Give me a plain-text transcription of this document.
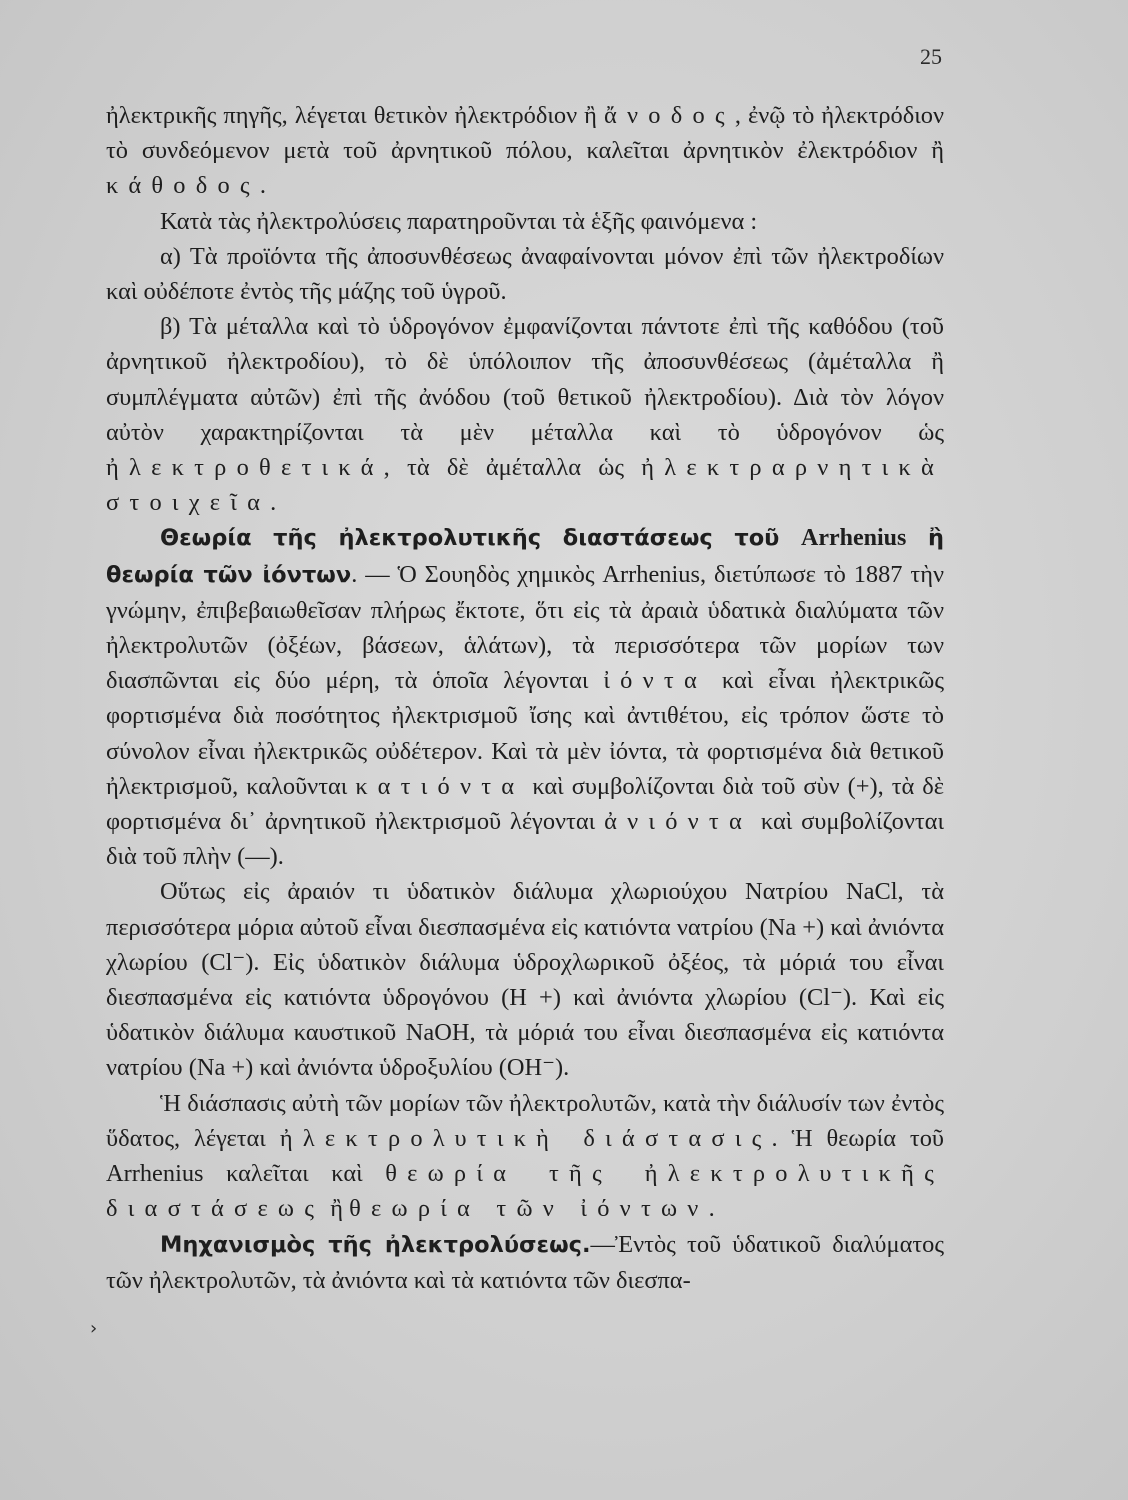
25

ἠλεκτρικῆς πηγῆς, λέγεται θετικὸν ἠλεκτρόδιον ἢ ἄνοδος, ἐνῷ τὸ ἠλεκτρόδιον τὸ συνδεόμενον μετὰ τοῦ ἀρνητικοῦ πόλου, καλεῖται ἀρνητικὸν ἐλεκτρόδιον ἢ κάθοδος.

Κατὰ τὰς ἠλεκτρολύσεις παρατηροῦνται τὰ ἑξῆς φαινόμενα :

α) Τὰ προϊόντα τῆς ἀποσυνθέσεως ἀναφαίνονται μόνον ἐπὶ τῶν ἠλεκτροδίων καὶ οὐδέποτε ἐντὸς τῆς μάζης τοῦ ὑγροῦ.

β) Τὰ μέταλλα καὶ τὸ ὑδρογόνον ἐμφανίζονται πάντοτε ἐπὶ τῆς καθόδου (τοῦ ἀρνητικοῦ ἠλεκτροδίου), τὸ δὲ ὑπόλοιπον τῆς ἀποσυνθέσεως (ἀμέταλλα ἢ συμπλέγματα αὐτῶν) ἐπὶ τῆς ἀνόδου (τοῦ θετικοῦ ἠλεκτροδίου). Διὰ τὸν λόγον αὐτὸν χαρακτηρίζονται τὰ μὲν μέταλλα καὶ τὸ ὑδρογόνον ὡς ἠλεκτροθετικά, τὰ δὲ ἀμέταλλα ὡς ἠλεκτραρνητικὰ στοιχεῖα.

Θεωρία τῆς ἠλεκτρολυτικῆς διαστάσεως τοῦ Arrhenius ἢ θεωρία τῶν ἰόντων. — Ὁ Σουηδὸς χημικὸς Arrhenius, διετύπωσε τὸ 1887 τὴν γνώμην, ἐπιβεβαιωθεῖσαν πλήρως ἔκτοτε, ὅτι εἰς τὰ ἀραιὰ ὑδατικὰ διαλύματα τῶν ἠλεκτρολυτῶν (ὀξέων, βάσεων, ἁλάτων), τὰ περισσότερα τῶν μορίων των διασπῶνται εἰς δύο μέρη, τὰ ὁποῖα λέγονται ἰόντα καὶ εἶναι ἠλεκτρικῶς φορτισμένα διὰ ποσότητος ἠλεκτρισμοῦ ἴσης καὶ ἀντιθέτου, εἰς τρόπον ὥστε τὸ σύνολον εἶναι ἠλεκτρικῶς οὐδέτερον. Καὶ τὰ μὲν ἰόντα, τὰ φορτισμένα διὰ θετικοῦ ἠλεκτρισμοῦ, καλοῦνται κατιόντα καὶ συμβολίζονται διὰ τοῦ σὺν (+), τὰ δὲ φορτισμένα δι᾽ ἀρνητικοῦ ἠλεκτρισμοῦ λέγονται ἀνιόντα καὶ συμβολίζονται διὰ τοῦ πλὴν (—).

Οὕτως εἰς ἀραιόν τι ὑδατικὸν διάλυμα χλωριούχου Νατρίου NaCl, τὰ περισσότερα μόρια αὐτοῦ εἶναι διεσπασμένα εἰς κατιόντα νατρίου (Na +) καὶ ἀνιόντα χλωρίου (Cl⁻). Εἰς ὑδατικὸν διάλυμα ὑδροχλωρικοῦ ὀξέος, τὰ μόριά του εἶναι διεσπασμένα εἰς κατιόντα ὑδρογόνου (H +) καὶ ἀνιόντα χλωρίου (Cl⁻). Καὶ εἰς ὑδατικὸν διάλυμα καυστικοῦ NaOH, τὰ μόριά του εἶναι διεσπασμένα εἰς κατιόντα νατρίου (Na +) καὶ ἀνιόντα ὑδροξυλίου (OH⁻).

Ἡ διάσπασις αὐτὴ τῶν μορίων τῶν ἠλεκτρολυτῶν, κατὰ τὴν διάλυσίν των ἐντὸς ὕδατος, λέγεται ἠλεκτρολυτικὴ διάστασις. Ἡ θεωρία τοῦ Arrhenius καλεῖται καὶ θεωρία τῆς ἠλεκτρολυτικῆς διαστάσεως ἢ θεωρία τῶν ἰόντων.

Μηχανισμὸς τῆς ἠλεκτρολύσεως.—Ἐντὸς τοῦ ὑδατικοῦ διαλύματος τῶν ἠλεκτρολυτῶν, τὰ ἀνιόντα καὶ τὰ κατιόντα τῶν διεσπα-

›
